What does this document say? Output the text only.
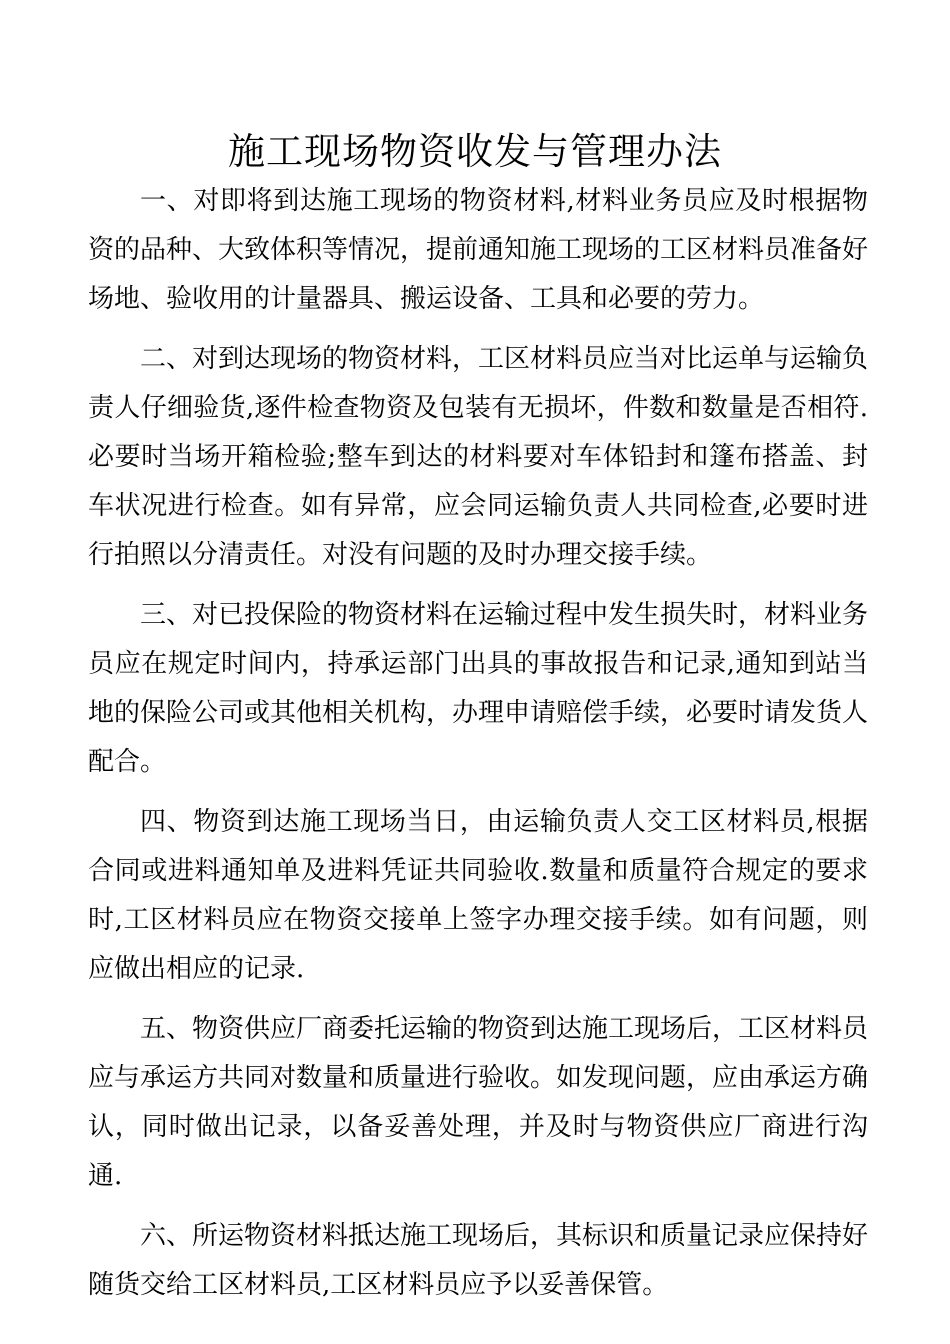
施工现场物资收发与管理办法

一、对即将到达施工现场的物资材料,材料业务员应及时根据物资的品种、大致体积等情况，提前通知施工现场的工区材料员准备好场地、验收用的计量器具、搬运设备、工具和必要的劳力。

二、对到达现场的物资材料，工区材料员应当对比运单与运输负责人仔细验货,逐件检查物资及包装有无损坏，件数和数量是否相符.必要时当场开箱检验;整车到达的材料要对车体铅封和篷布搭盖、封车状况进行检查。如有异常，应会同运输负责人共同检查,必要时进行拍照以分清责任。对没有问题的及时办理交接手续。

三、对已投保险的物资材料在运输过程中发生损失时，材料业务员应在规定时间内，持承运部门出具的事故报告和记录,通知到站当地的保险公司或其他相关机构，办理申请赔偿手续，必要时请发货人配合。

四、物资到达施工现场当日，由运输负责人交工区材料员,根据合同或进料通知单及进料凭证共同验收.数量和质量符合规定的要求时,工区材料员应在物资交接单上签字办理交接手续。如有问题，则应做出相应的记录.

五、物资供应厂商委托运输的物资到达施工现场后，工区材料员应与承运方共同对数量和质量进行验收。如发现问题，应由承运方确认，同时做出记录，以备妥善处理，并及时与物资供应厂商进行沟通.

六、所运物资材料抵达施工现场后，其标识和质量记录应保持好随货交给工区材料员,工区材料员应予以妥善保管。
